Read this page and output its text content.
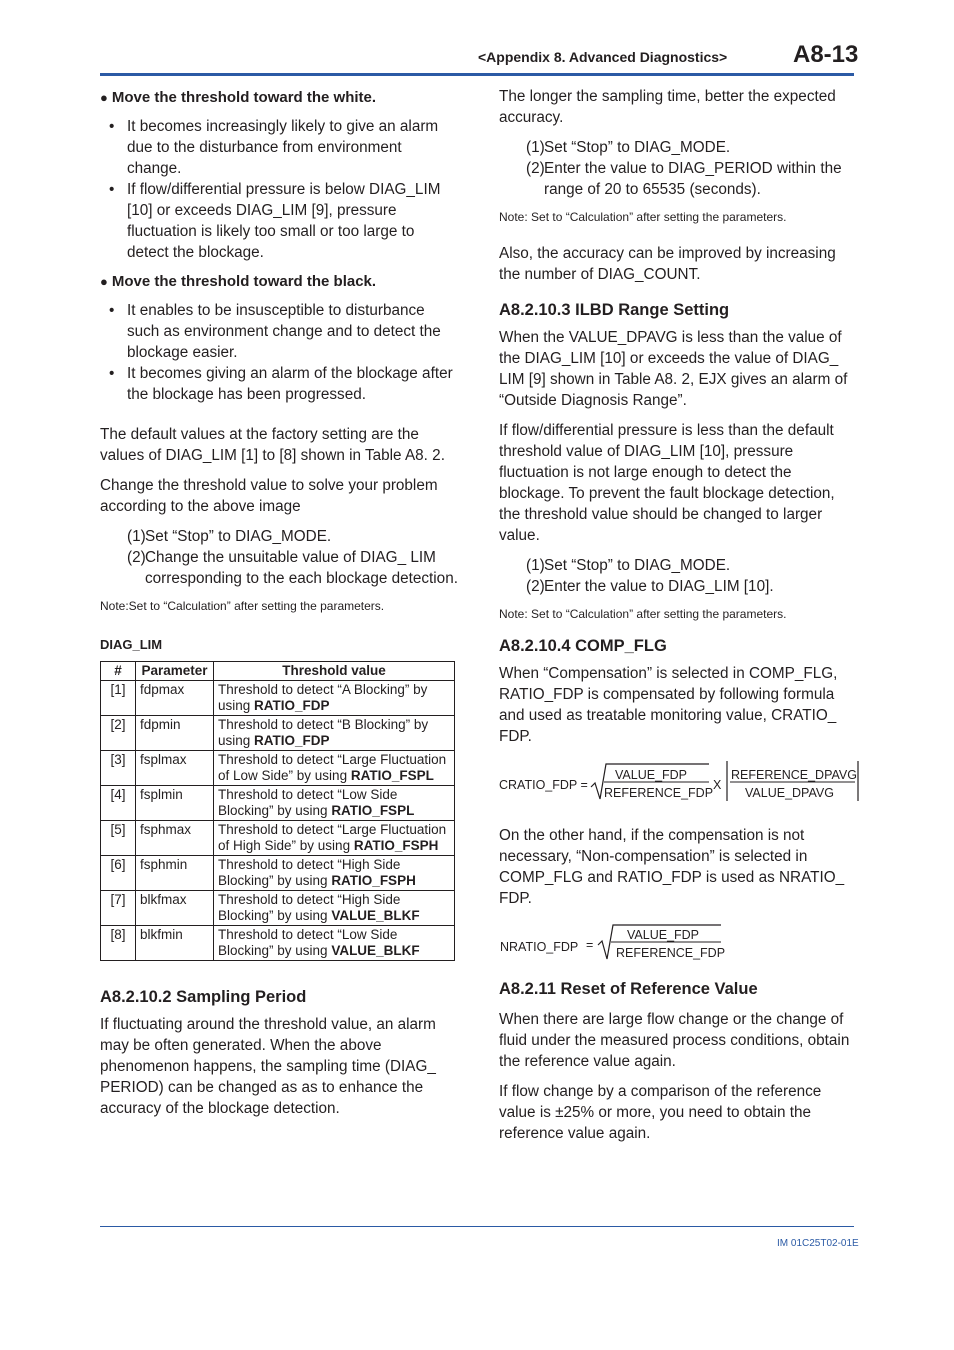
<Appendix 8. Advanced Diagnostics>	A8-13
IM 01C25T02-01E
● Move the threshold toward the white.
• It becomes increasingly likely to give an alarm due to the disturbance from environment change.
• If flow/differential pressure is below DIAG_LIM [10] or exceeds DIAG_LIM [9], pressure fluctuation is likely too small or too large to detect the blockage.
● Move the threshold toward the black.
• It enables to be insusceptible to disturbance such as environment change and to detect the blockage easier.
• It becomes giving an alarm of the blockage after the blockage has been progressed.

The default values at the factory setting are the values of DIAG_LIM [1] to [8] shown in Table A8. 2.

Change the threshold value to solve your problem according to the above image

(1) Set “Stop” to DIAG_MODE.
(2) Change the unsuitable value of DIAG_ LIM corresponding to the each blockage detection.
Note:Set to “Calculation” after setting the parameters.
DIAG_LIM
#	Parameter	Threshold value
[1]	fdpmax	Threshold to detect “A Blocking” by using RATIO_FDP
[2]	fdpmin	Threshold to detect “B Blocking” by using RATIO_FDP
[3]	fsplmax	Threshold to detect “Large Fluctuation of Low Side” by using RATIO_FSPL
[4]	fsplmin	Threshold to detect “Low Side Blocking” by using RATIO_FSPL
[5]	fsphmax	Threshold to detect “Large Fluctuation of High Side” by using RATIO_FSPH
[6]	fsphmin	Threshold to detect “High Side Blocking” by using RATIO_FSPH
[7]	blkfmax	Threshold to detect “High Side Blocking” by using VALUE_BLKF
[8]	blkfmin	Threshold to detect “Low Side Blocking” by using VALUE_BLKF
A8.2.10.2 Sampling Period

If fluctuating around the threshold value, an alarm may be often generated. When the above phenomenon happens, the sampling time (DIAG_ PERIOD) can be changed as as to enhance the accuracy of the blockage detection.

The longer the sampling time, better the expected accuracy.

(1) Set “Stop” to DIAG_MODE.
(2) Enter the value to DIAG_PERIOD within the range of 20 to 65535 (seconds).
Note: Set to “Calculation” after setting the parameters.

Also, the accuracy can be improved by increasing the number of DIAG_COUNT.

A8.2.10.3 ILBD Range Setting

When the VALUE_DPAVG is less than the value of the DIAG_LIM [10] or exceeds the value of DIAG_ LIM [9] shown in Table A8. 2, EJX gives an alarm of “Outside Diagnosis Range”.

If flow/differential pressure is less than the default threshold value of DIAG_LIM [10], pressure fluctuation is not large enough to detect the blockage. To prevent the fault blockage detection, the threshold value should be changed to larger value.

(1) Set “Stop” to DIAG_MODE.
(2) Enter the value to DIAG_LIM [10].
Note: Set to “Calculation” after setting the parameters.
A8.2.10.4 COMP_FLG

When “Compensation” is selected in COMP_FLG, RATIO_FDP is compensated by following formula and used as treatable monitoring value, CRATIO_ FDP.

CRATIO_FDP =
VALUE_FDP
REFERENCE_FDP
X
REFERENCE_DPAVG
VALUE_DPAVG

On the other hand, if the compensation is not necessary, “Non-compensation” is selected in COMP_FLG and RATIO_FDP is used as NRATIO_ FDP.

NRATIO_FDP =
VALUE_FDP
REFERENCE_FDP
A8.2.11 Reset of Reference Value

When there are large flow change or the change of fluid under the measured process conditions, obtain the reference value again.

If flow change by a comparison of the reference value is ±25% or more, you need to obtain the reference value again.
